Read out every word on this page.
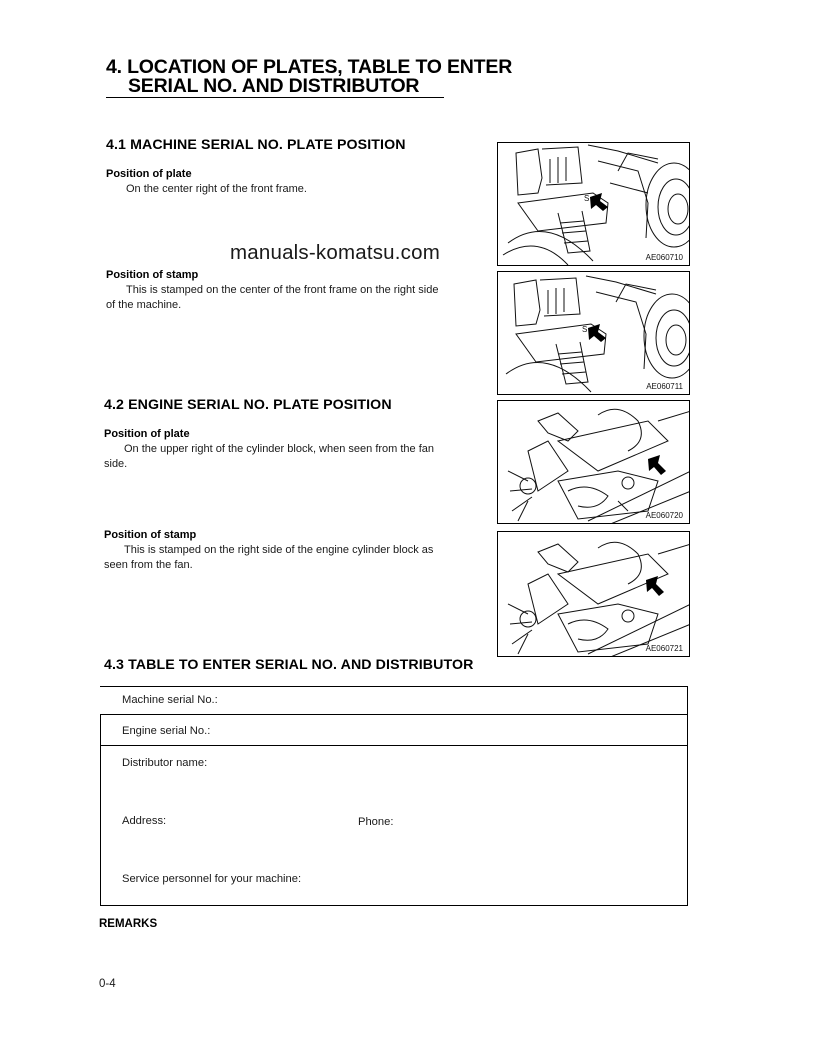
4. LOCATION OF PLATES, TABLE TO ENTER
SERIAL NO. AND DISTRIBUTOR
4.1 MACHINE SERIAL NO. PLATE POSITION
Position of plate
On the center right of the front frame.
manuals-komatsu.com
Position of stamp
This is stamped on the center of the front frame on the right side
of the machine.
S
AE060710
S
AE060711
4.2 ENGINE SERIAL NO. PLATE POSITION
Position of plate
On the upper right of the cylinder block, when seen from the fan
side.
Position of stamp
This is stamped on the right side of the engine cylinder block as
seen from the fan.
AE060720
AE060721
4.3 TABLE TO ENTER SERIAL NO. AND DISTRIBUTOR
Machine serial No.:
Engine serial No.:
Distributor name:
Address:	Phone:
Service personnel for your machine:
REMARKS
0-4
